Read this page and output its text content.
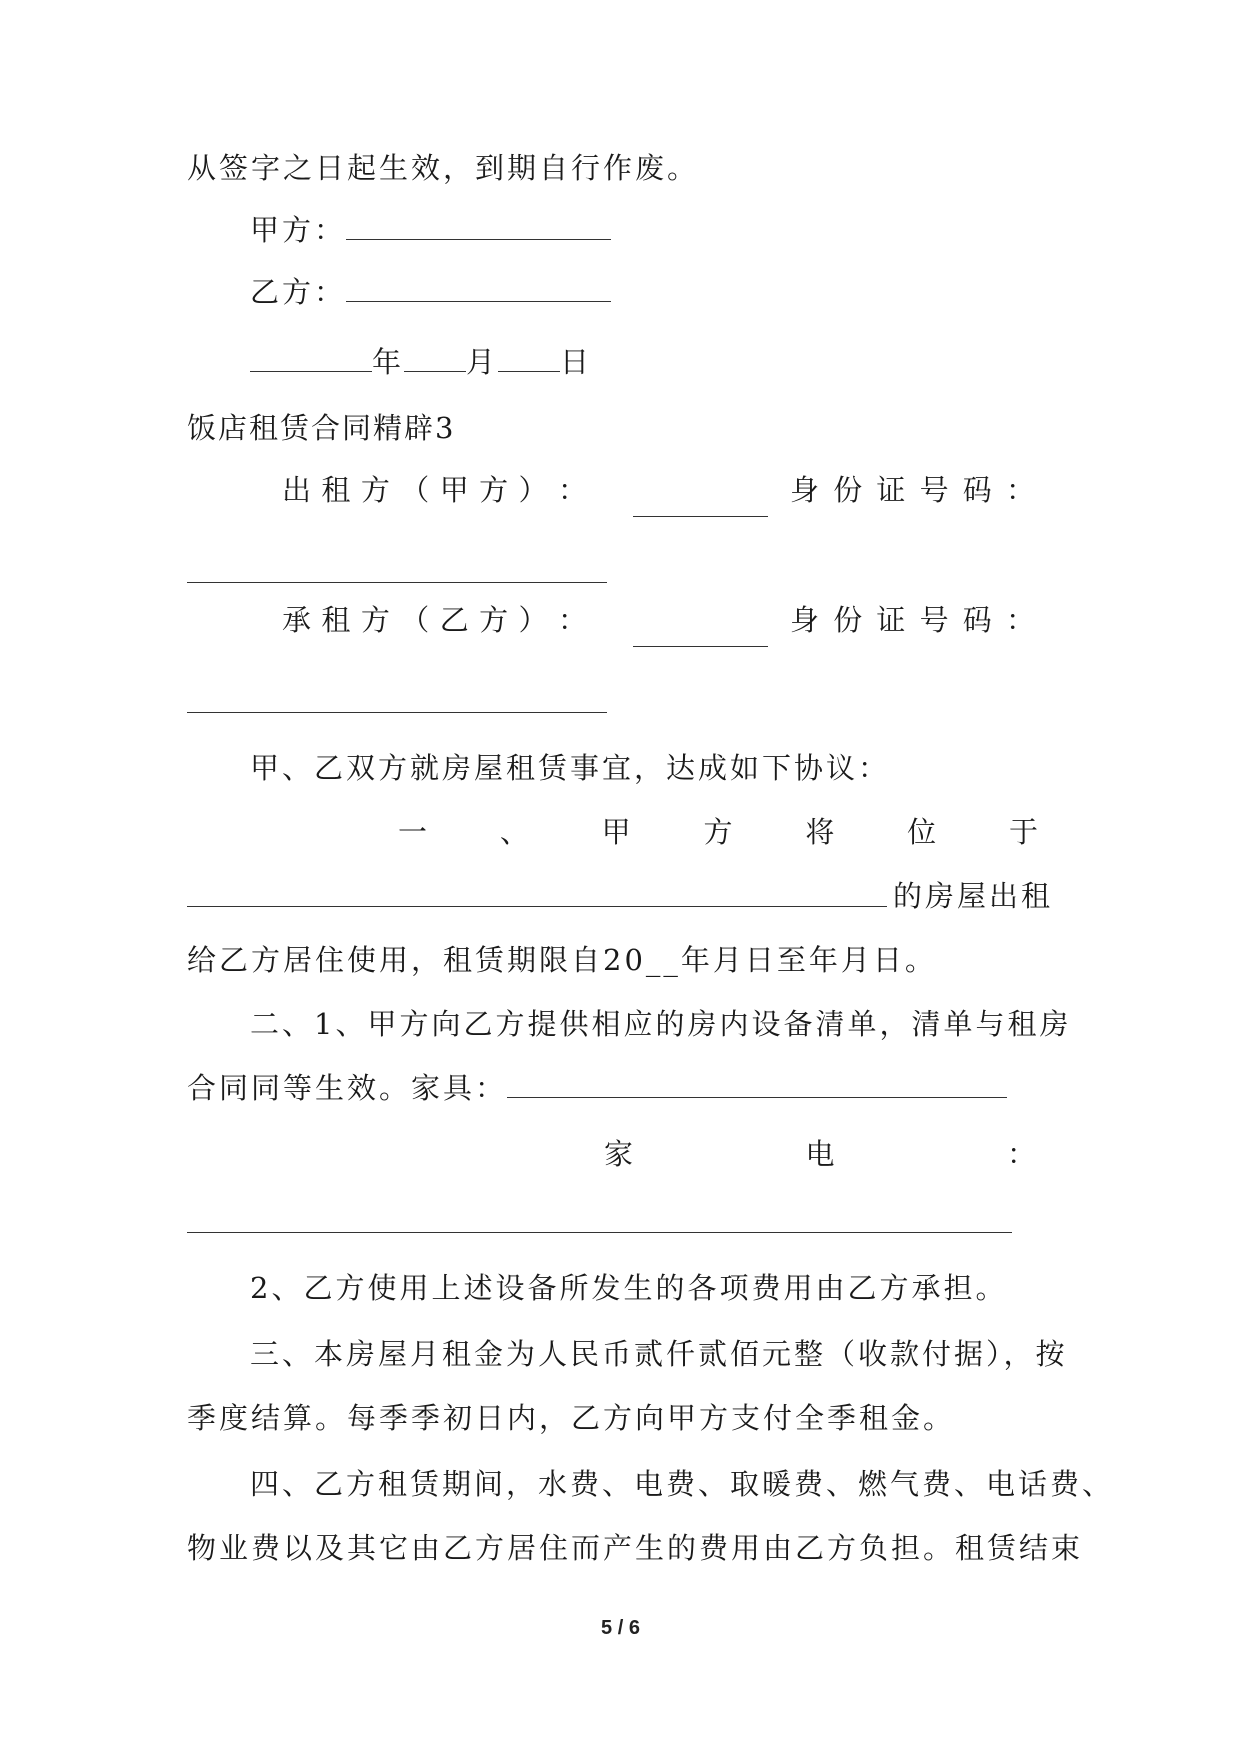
从签字之日起生效，到期自行作废。
甲方：
乙方：
年 月 日
饭店租赁合同精辟3
出 租 方 （ 甲 方 ） ：	身 份 证 号 码 ：
承 租 方 （ 乙 方 ） ：	身 份 证 号 码 ：
甲、乙双方就房屋租赁事宜，达成如下协议：
一	、	甲	方	将	位	于
的房屋出租
给乙方居住使用，租赁期限自20__年月日至年月日。
二、1、甲方向乙方提供相应的房内设备清单，清单与租房
合同同等生效。家具：
家	电	：
2、乙方使用上述设备所发生的各项费用由乙方承担。
三、本房屋月租金为人民币贰仟贰佰元整（收款付据），按
季度结算。每季季初日内，乙方向甲方支付全季租金。
四、乙方租赁期间，水费、电费、取暖费、燃气费、电话费、
物业费以及其它由乙方居住而产生的费用由乙方负担。租赁结束
5 / 6
